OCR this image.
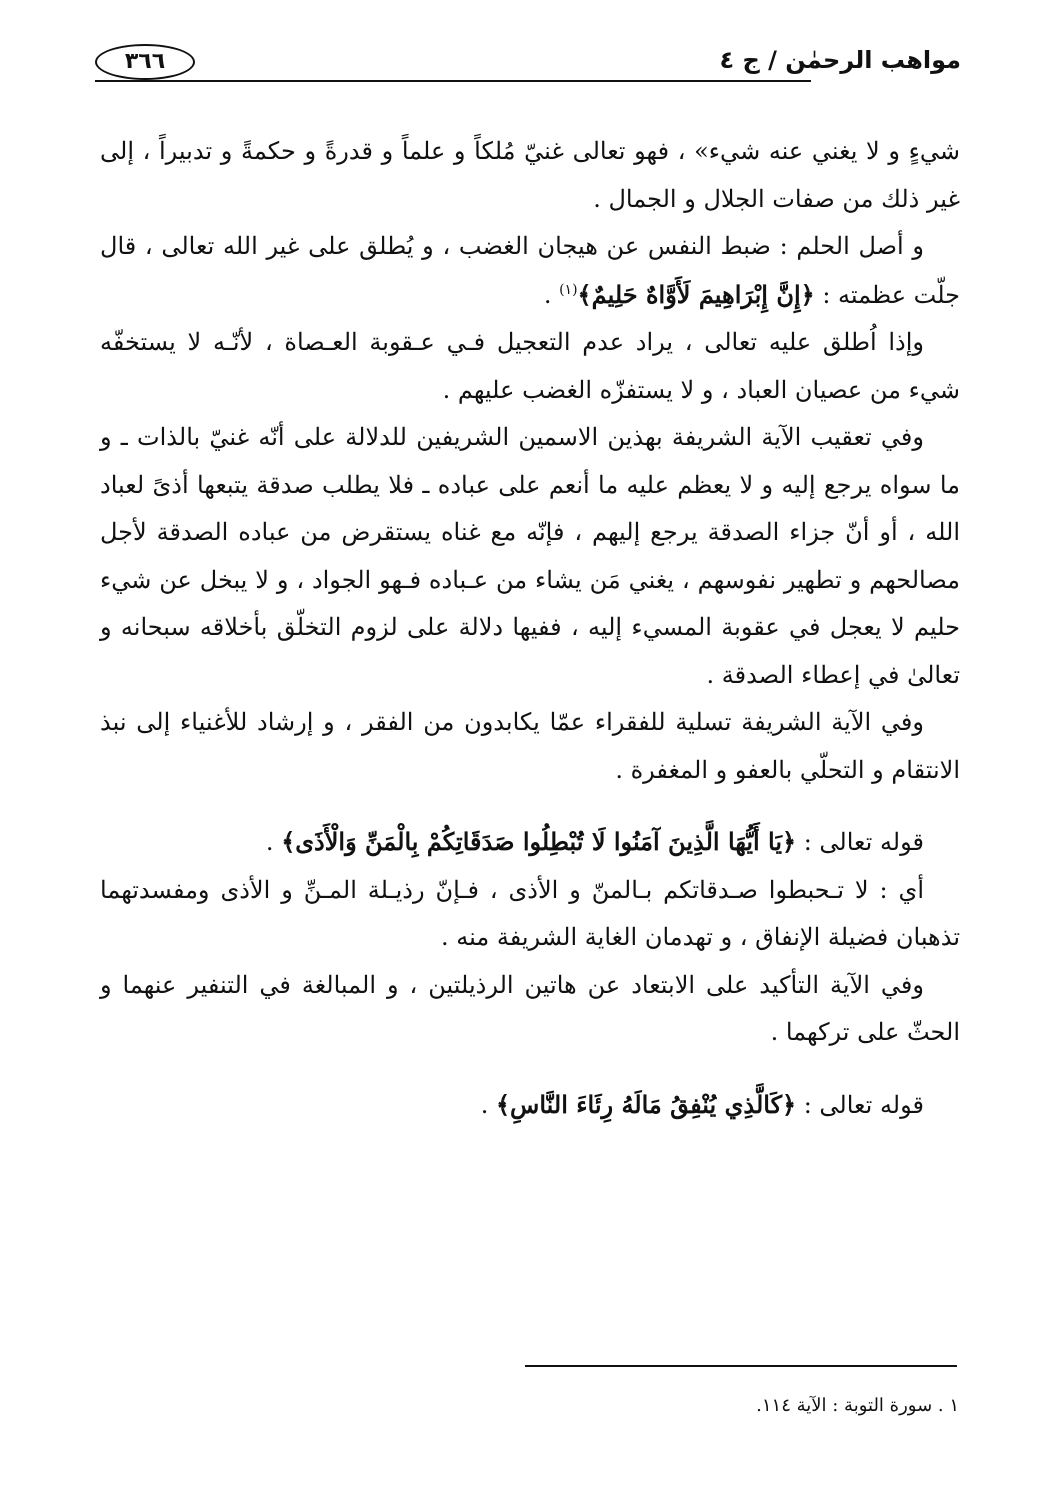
مواهب الرحمٰن / ج ٤
٣٦٦

شيءٍ و لا يغني عنه شيء» ، فهو تعالى غنيّ مُلكاً و علماً و قدرةً و حكمةً و تدبيراً ، إلى غير ذلك من صفات الجلال و الجمال .

و أصل الحلم : ضبط النفس عن هيجان الغضب ، و يُطلق على غير الله تعالى ، قال جلّت عظمته : ﴿إِنَّ إِبْرَاهِيمَ لَأَوَّاهٌ حَلِيمٌ﴾$^{(١)}$ .

وإذا اُطلق عليه تعالى ، يراد عدم التعجيل فـي عـقوبة العـصاة ، لأنّـه لا يستخفّه شيء من عصيان العباد ، و لا يستفزّه الغضب عليهم .

وفي تعقيب الآية الشريفة بهذين الاسمين الشريفين للدلالة على أنّه غنيّ بالذات ـ و ما سواه يرجع إليه و لا يعظم عليه ما أنعم على عباده ـ فلا يطلب صدقة يتبعها أذىً لعباد الله ، أو أنّ جزاء الصدقة يرجع إليهم ، فإنّه مع غناه يستقرض من عباده الصدقة لأجل مصالحهم و تطهير نفوسهم ، يغني مَن يشاء من عـباده فـهو الجواد ، و لا يبخل عن شيء حليم لا يعجل في عقوبة المسيء إليه ، ففيها دلالة على لزوم التخلّق بأخلاقه سبحانه و تعالىٰ في إعطاء الصدقة .

وفي الآية الشريفة تسلية للفقراء عمّا يكابدون من الفقر ، و إرشاد للأغنياء إلى نبذ الانتقام و التحلّي بالعفو و المغفرة .

قوله تعالى : ﴿يَا أَيُّهَا الَّذِينَ آمَنُوا لَا تُبْطِلُوا صَدَقَاتِكُمْ بِالْمَنِّ وَالْأَذَى﴾ .

أي : لا تـحبطوا صـدقاتكم بـالمنّ و الأذى ، فـإنّ رذيـلة المـنِّ و الأذى ومفسدتهما تذهبان فضيلة الإنفاق ، و تهدمان الغاية الشريفة منه .

وفي الآية التأكيد على الابتعاد عن هاتين الرذيلتين ، و المبالغة في التنفير عنهما و الحثّ على تركهما .

قوله تعالى : ﴿كَالَّذِي يُنْفِقُ مَالَهُ رِئَاءَ النَّاسِ﴾ .

١ . سورة التوبة : الآية ١١٤.
